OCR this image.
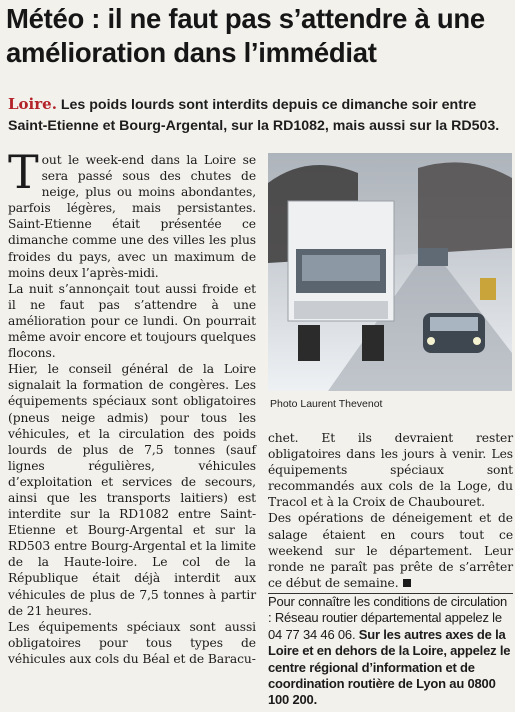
Météo : il ne faut pas s’attendre à une amélioration dans l’immédiat
Loire. Les poids lourds sont interdits depuis ce dimanche soir entre Saint-Etienne et Bourg-Argental, sur la RD1082, mais aussi sur la RD503.

Tout le week-end dans la Loire se sera passé sous des chutes de neige, plus ou moins abondantes, parfois légères, mais persistantes. Saint-Etienne était présentée ce dimanche comme une des villes les plus froides du pays, avec un maximum de moins deux l’après-midi.

La nuit s’annonçait tout aussi froide et il ne faut pas s’attendre à une amélioration pour ce lundi. On pourrait même avoir encore et toujours quelques flocons.

Hier, le conseil général de la Loire signalait la formation de congères. Les équipements spéciaux sont obligatoires (pneus neige admis) pour tous les véhicules, et la circulation des poids lourds de plus de 7,5 tonnes (sauf lignes régulières, véhicules d’exploitation et services de secours, ainsi que les transports laitiers) est interdite sur la RD1082 entre Saint-Etienne et Bourg-Argental et sur la RD503 entre Bourg-Argental et la limite de la Haute-loire. Le col de la République était déjà interdit aux véhicules de plus de 7,5 tonnes à partir de 21 heures.

Les équipements spéciaux sont aussi obligatoires pour tous types de véhicules aux cols du Béal et de Baracu-

Photo Laurent Thevenot

chet. Et ils devraient rester obligatoires dans les jours à venir. Les équipements spéciaux sont recommandés aux cols de la Loge, du Tracol et à la Croix de Chaubouret.

Des opérations de déneigement et de salage étaient en cours tout ce weekend sur le département. Leur ronde ne paraît pas prête de s’arrêter ce début de semaine.

Pour connaître les conditions de circulation : Réseau routier départemental appelez le 04 77 34 46 06. Sur les autres axes de la Loire et en dehors de la Loire, appelez le centre régional d’information et de coordination routière de Lyon au 0800 100 200.
